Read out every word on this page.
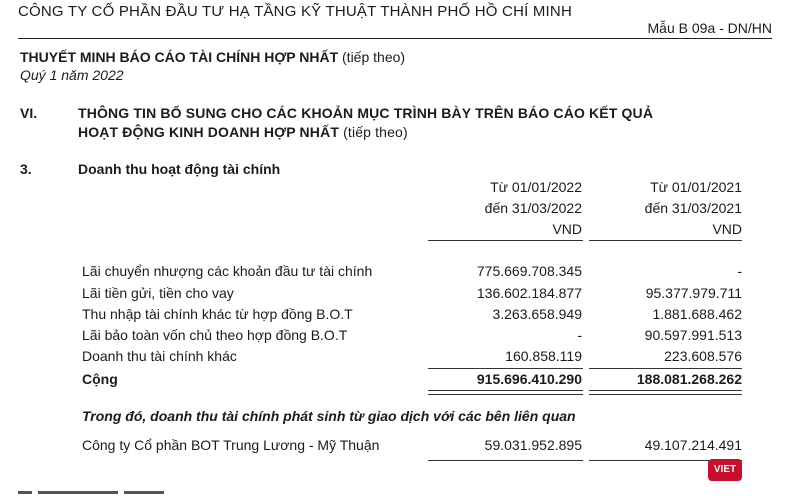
CÔNG TY CỔ PHẦN ĐẦU TƯ HẠ TẦNG KỸ THUẬT THÀNH PHỐ HỒ CHÍ MINH
Mẫu B 09a - DN/HN
THUYẾT MINH BÁO CÁO TÀI CHÍNH HỢP NHẤT (tiếp theo)
Quý 1 năm 2022
VI.	THÔNG TIN BỔ SUNG CHO CÁC KHOẢN MỤC TRÌNH BÀY TRÊN BÁO CÁO KẾT QUẢ
HOẠT ĐỘNG KINH DOANH HỢP NHẤT (tiếp theo)
3.	Doanh thu hoạt động tài chính
Từ 01/01/2022
đến 31/03/2022
VND
Từ 01/01/2021
đến 31/03/2021
VND
Lãi chuyển nhượng các khoản đầu tư tài chính	775.669.708.345	-
Lãi tiền gửi, tiền cho vay	136.602.184.877	95.377.979.711
Thu nhập tài chính khác từ hợp đồng B.O.T	3.263.658.949	1.881.688.462
Lãi bảo toàn vốn chủ theo hợp đồng B.O.T	-	90.597.991.513
Doanh thu tài chính khác	160.858.119	223.608.576
Cộng	915.696.410.290	188.081.268.262
Trong đó, doanh thu tài chính phát sinh từ giao dịch với các bên liên quan
Công ty Cổ phần BOT Trung Lương - Mỹ Thuận	59.031.952.895	49.107.214.491
VIET
